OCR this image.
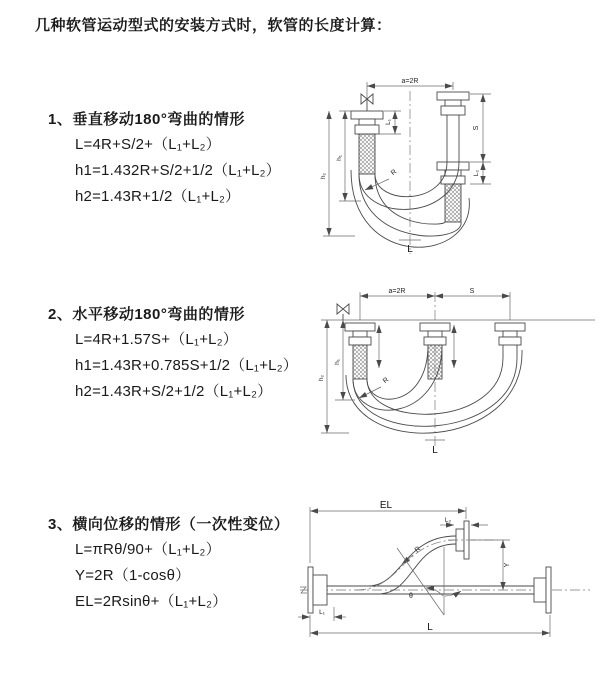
几种软管运动型式的安装方式时，软管的长度计算：
1、垂直移动180°弯曲的情形
L=4R+S/2+（L₁+L₂）
h1=1.432R+S/2+1/2（L₁+L₂）
h2=1.43R+1/2（L₁+L₂）
2、水平移动180°弯曲的情形
L=4R+1.57S+（L₁+L₂）
h1=1.43R+0.785S+1/2（L₁+L₂）
h2=1.43R+S/2+1/2（L₁+L₂）
3、横向位移的情形（一次性变位）
L=πRθ/90+（L₁+L₂）
Y=2R（1-cosθ）
EL=2Rsinθ+（L₁+L₂）
a=2R
S
L₂
L₁
h₁
h₂	R
L
a=2R	S
h₁
h₂	R
L
EL
L₂
Y
R
θ
L
L₁
